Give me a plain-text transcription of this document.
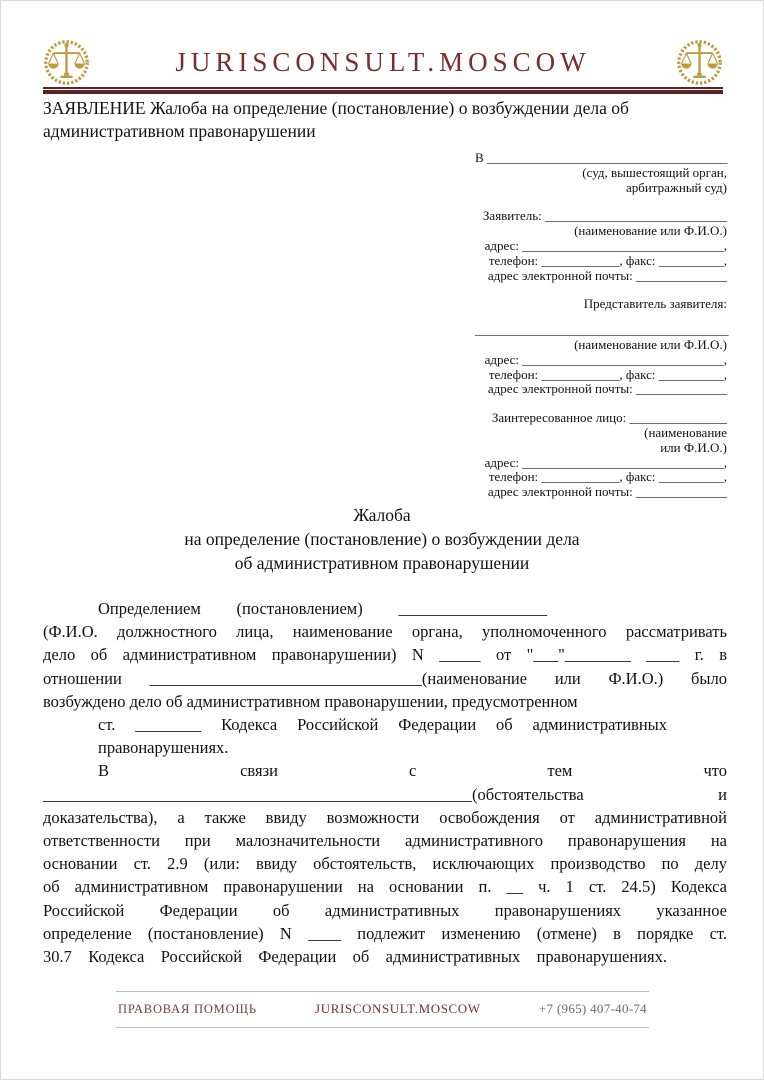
JURISCONSULT.MOSCOW
ЗАЯВЛЕНИЕ Жалоба на определение (постановление) о возбуждении дела об административном правонарушении
В _____________________________________
(суд, вышестоящий орган,
арбитражный суд)
Заявитель: ____________________________
(наименование или Ф.И.О.)
адрес: _______________________________,
телефон: ____________, факс: __________,
адрес электронной почты: ______________
Представитель заявителя:
_______________________________________
(наименование или Ф.И.О.)
адрес: _______________________________,
телефон: ____________, факс: __________,
адрес электронной почты: ______________
Заинтересованное лицо: _______________
(наименование
или Ф.И.О.)
адрес: _______________________________,
телефон: ____________, факс: __________,
адрес электронной почты: ______________
Жалоба
на определение (постановление) о возбуждении дела
об административном правонарушении
Определением (постановлением) __________________
(Ф.И.О. должностного лица, наименование органа, уполномоченного рассматривать
дело об административном правонарушении) N _____ от "___"________ ____ г. в
отношении _________________________________(наименование или Ф.И.О.) было
возбуждено дело об административном правонарушении, предусмотренном
ст. ________ Кодекса Российской Федерации об административных
правонарушениях.
В связи с тем что
____________________________________________________(обстоятельства и
доказательства), а также ввиду возможности освобождения от административной
ответственности при малозначительности административного правонарушения на
основании ст. 2.9 (или: ввиду обстоятельств, исключающих производство по делу
об административном правонарушении на основании п. __ ч. 1 ст. 24.5) Кодекса
Российской Федерации об административных правонарушениях указанное
определение (постановление) N ____ подлежит изменению (отмене) в порядке ст.
30.7 Кодекса Российской Федерации об административных правонарушениях.
ПРАВОВАЯ ПОМОЩЬ	JURISCONSULT.MOSCOW	+7 (965) 407-40-74
